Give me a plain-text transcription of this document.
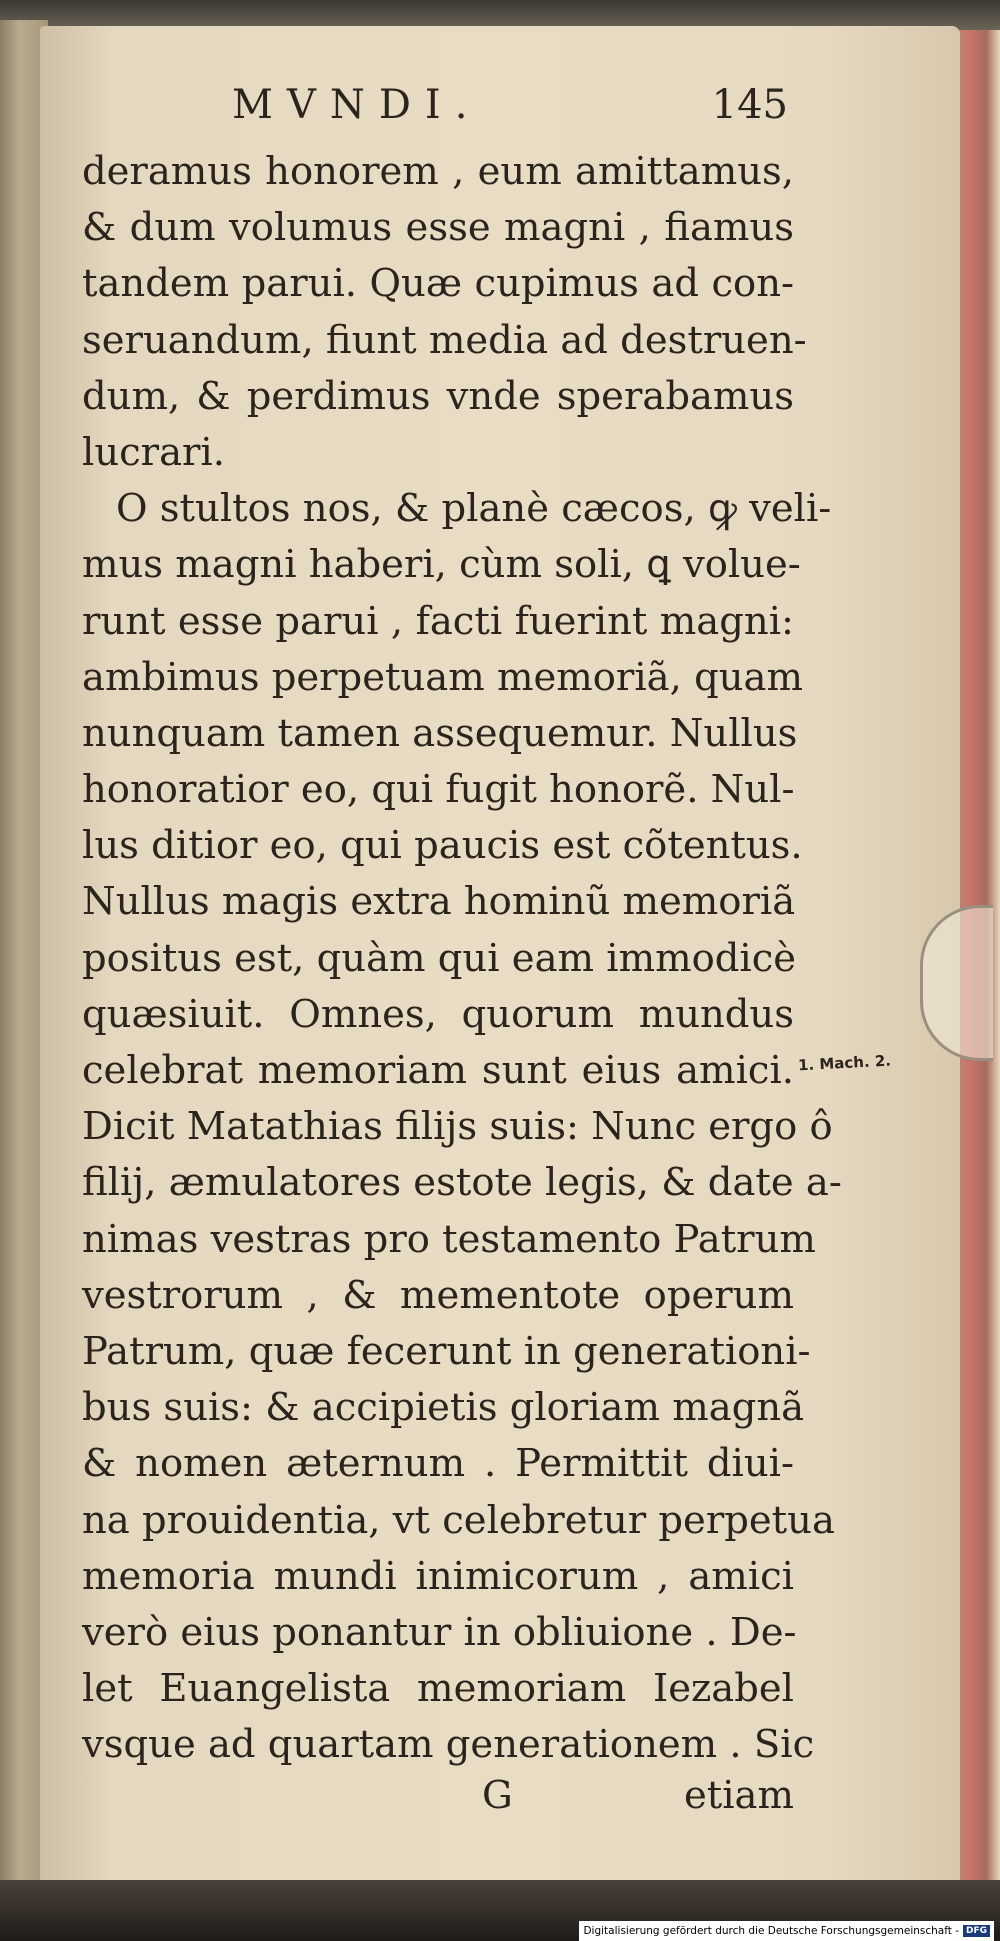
MVNDI.	145
deramus honorem , eum amittamus,
& dum volumus esse magni , fiamus
tandem parui. Quæ cupimus ad con-
seruandum, fiunt media ad destruen-
dum, & perdimus vnde sperabamus
lucrari.
O stultos nos, & planè cæcos, ꝙ veli-
mus magni haberi, cùm soli, ꝗ volue-
runt esse parui , facti fuerint magni:
ambimus perpetuam memoriã, quam
nunquam tamen assequemur. Nullus
honoratior eo, qui fugit honorẽ. Nul-
lus ditior eo, qui paucis est cõtentus.
Nullus magis extra hominũ memoriã
positus est, quàm qui eam immodicè
quæsiuit. Omnes, quorum mundus
celebrat memoriam sunt eius amici.
Dicit Matathias filijs suis: Nunc ergo ô
filij, æmulatores estote legis, & date a-
nimas vestras pro testamento Patrum
vestrorum , & mementote operum
Patrum, quæ fecerunt in generationi-
bus suis: & accipietis gloriam magnã
& nomen æternum . Permittit diui-
na prouidentia, vt celebretur perpetua
memoria mundi inimicorum , amici
verò eius ponantur in obliuione . De-
let Euangelista memoriam Iezabel
vsque ad quartam generationem . Sic
G	etiam
1. Mach. 2.
Digitalisierung gefördert durch die Deutsche Forschungsgemeinschaft - DFG
